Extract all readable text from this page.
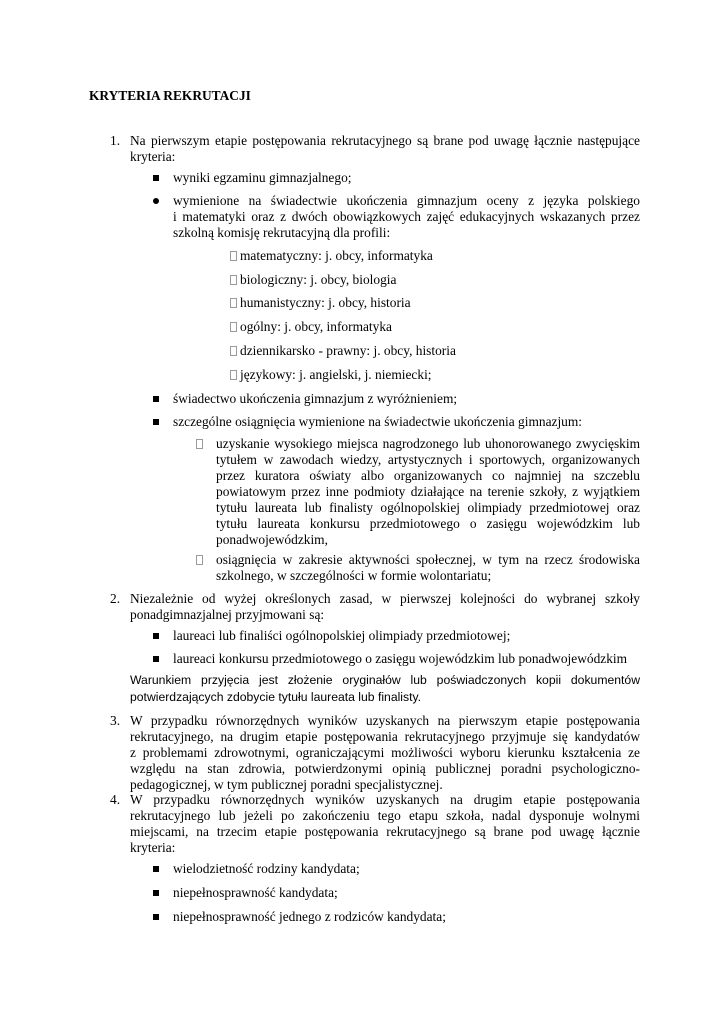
KRYTERIA REKRUTACJI
1. Na pierwszym etapie postępowania rekrutacyjnego są brane pod uwagę łącznie następujące
kryteria:
wyniki egzaminu gimnazjalnego;
wymienione na świadectwie ukończenia gimnazjum oceny z języka polskiego
i matematyki oraz z dwóch obowiązkowych zajęć edukacyjnych wskazanych przez
szkolną komisję rekrutacyjną dla profili:
matematyczny: j. obcy, informatyka
biologiczny: j. obcy, biologia
humanistyczny: j. obcy, historia
ogólny: j. obcy, informatyka
dziennikarsko - prawny: j. obcy, historia
językowy: j. angielski, j. niemiecki;
świadectwo ukończenia gimnazjum z wyróżnieniem;
szczególne osiągnięcia wymienione na świadectwie ukończenia gimnazjum:
uzyskanie wysokiego miejsca nagrodzonego lub uhonorowanego zwycięskim
tytułem w zawodach wiedzy, artystycznych i sportowych, organizowanych
przez kuratora oświaty albo organizowanych co najmniej na szczeblu
powiatowym przez inne podmioty działające na terenie szkoły, z wyjątkiem
tytułu laureata lub finalisty ogólnopolskiej olimpiady przedmiotowej oraz
tytułu laureata konkursu przedmiotowego o zasięgu wojewódzkim lub
ponadwojewódzkim,
osiągnięcia w zakresie aktywności społecznej, w tym na rzecz środowiska
szkolnego, w szczególności w formie wolontariatu;
2. Niezależnie od wyżej określonych zasad, w pierwszej kolejności do wybranej szkoły
ponadgimnazjalnej przyjmowani są:
laureaci lub finaliści ogólnopolskiej olimpiady przedmiotowej;
laureaci konkursu przedmiotowego o zasięgu wojewódzkim lub ponadwojewódzkim
Warunkiem przyjęcia jest złożenie oryginałów lub poświadczonych kopii dokumentów
potwierdzających zdobycie tytułu laureata lub finalisty.
3. W przypadku równorzędnych wyników uzyskanych na pierwszym etapie postępowania
rekrutacyjnego, na drugim etapie postępowania rekrutacyjnego przyjmuje się kandydatów
z problemami zdrowotnymi, ograniczającymi możliwości wyboru kierunku kształcenia ze
względu na stan zdrowia, potwierdzonymi opinią publicznej poradni psychologiczno-
pedagogicznej, w tym publicznej poradni specjalistycznej.
4. W przypadku równorzędnych wyników uzyskanych na drugim etapie postępowania
rekrutacyjnego lub jeżeli po zakończeniu tego etapu szkoła, nadal dysponuje wolnymi
miejscami, na trzecim etapie postępowania rekrutacyjnego są brane pod uwagę łącznie
kryteria:
wielodzietność rodziny kandydata;
niepełnosprawność kandydata;
niepełnosprawność jednego z rodziców kandydata;
